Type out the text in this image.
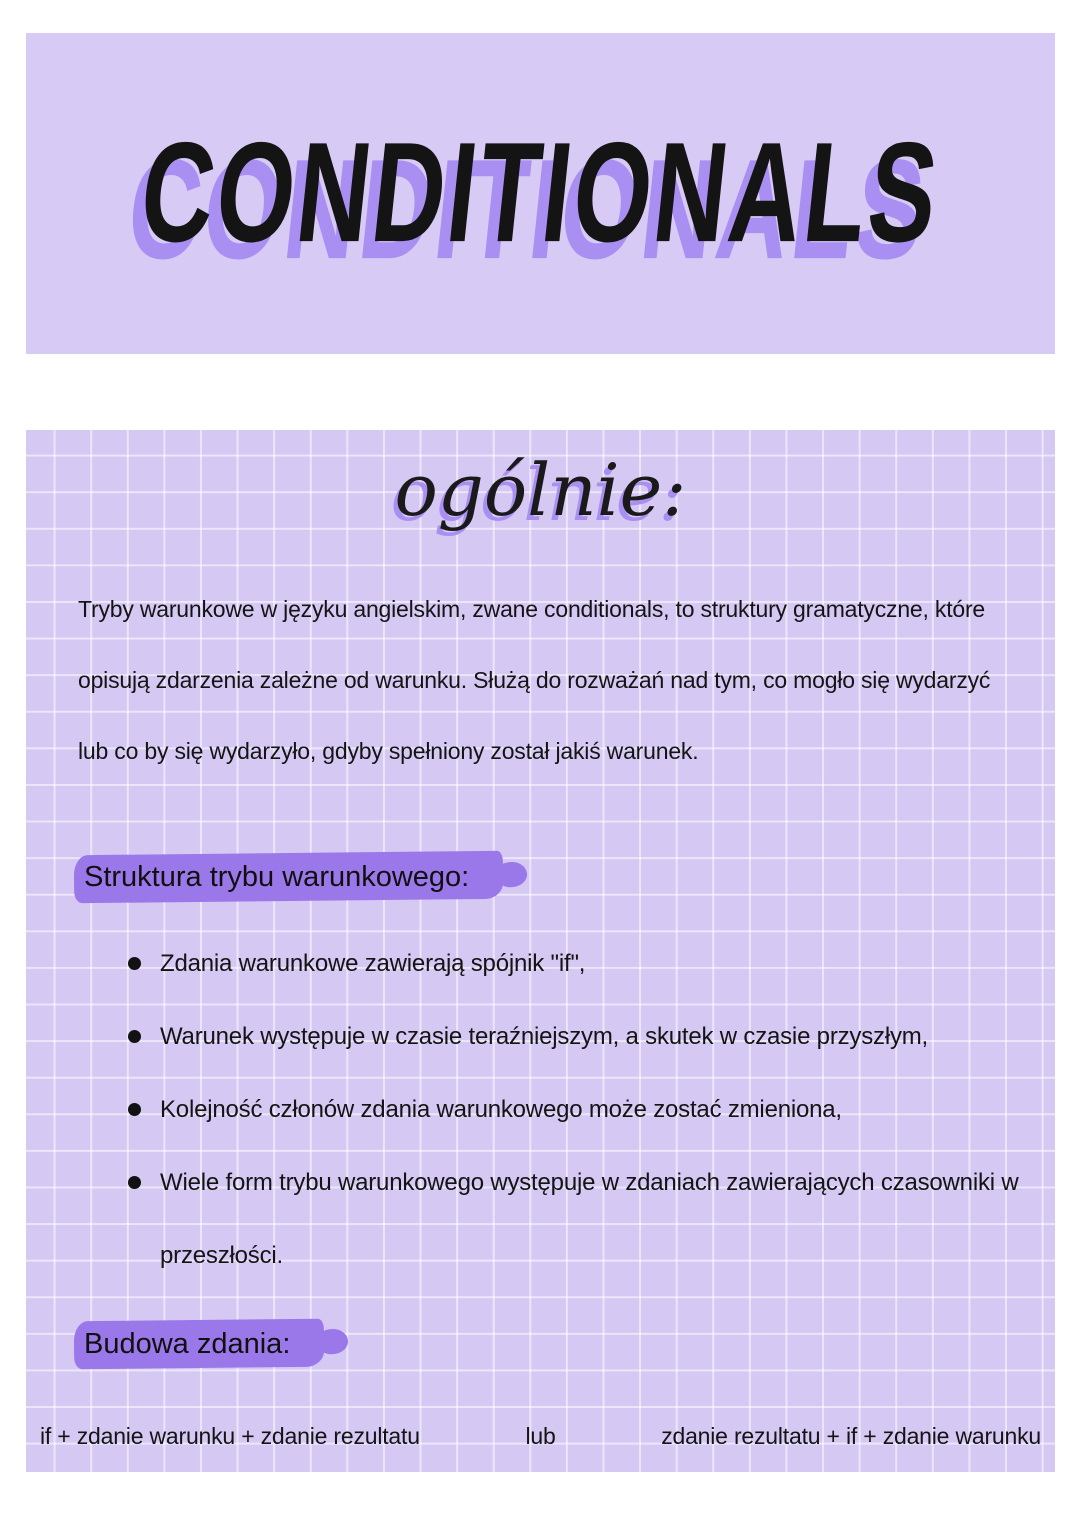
CONDITIONALS
ogólnie:
Tryby warunkowe w języku angielskim, zwane conditionals, to struktury gramatyczne, które opisują zdarzenia zależne od warunku. Służą do rozważań nad tym, co mogło się wydarzyć lub co by się wydarzyło, gdyby spełniony został jakiś warunek.
Struktura trybu warunkowego:
Zdania warunkowe zawierają spójnik "if",
Warunek występuje w czasie teraźniejszym, a skutek w czasie przyszłym,
Kolejność członów zdania warunkowego może zostać zmieniona,
Wiele form trybu warunkowego występuje w zdaniach zawierających czasowniki w przeszłości.
Budowa zdania:
if + zdanie warunku + zdanie rezultatu	lub	zdanie rezultatu + if + zdanie warunku
